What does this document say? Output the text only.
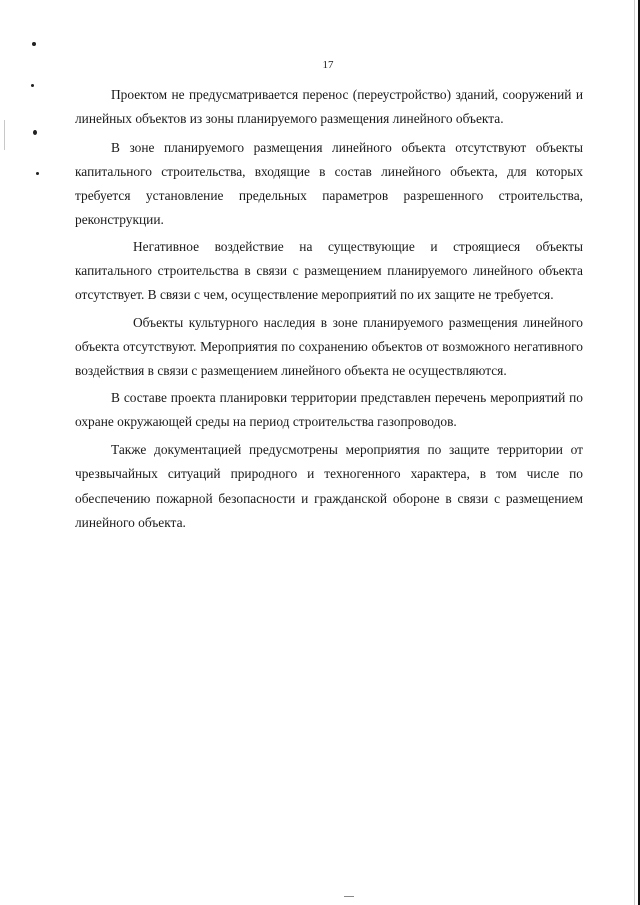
17

Проектом не предусматривается перенос (переустройство) зданий, сооружений и линейных объектов из зоны планируемого размещения линейного объекта.

В зоне планируемого размещения линейного объекта отсутствуют объекты капитального строительства, входящие в состав линейного объекта, для которых требуется установление предельных параметров разрешенного строительства, реконструкции.

Негативное воздействие на существующие и строящиеся объекты капитального строительства в связи с размещением планируемого линейного объекта отсутствует. В связи с чем, осуществление мероприятий по их защите не требуется.

Объекты культурного наследия в зоне планируемого размещения линейного объекта отсутствуют. Мероприятия по сохранению объектов от возможного негативного воздействия в связи с размещением линейного объекта не осуществляются.

В составе проекта планировки территории представлен перечень мероприятий по охране окружающей среды на период строительства газопроводов.

Также документацией предусмотрены мероприятия по защите территории от чрезвычайных ситуаций природного и техногенного характера, в том числе по обеспечению пожарной безопасности и гражданской обороне в связи с размещением линейного объекта.
